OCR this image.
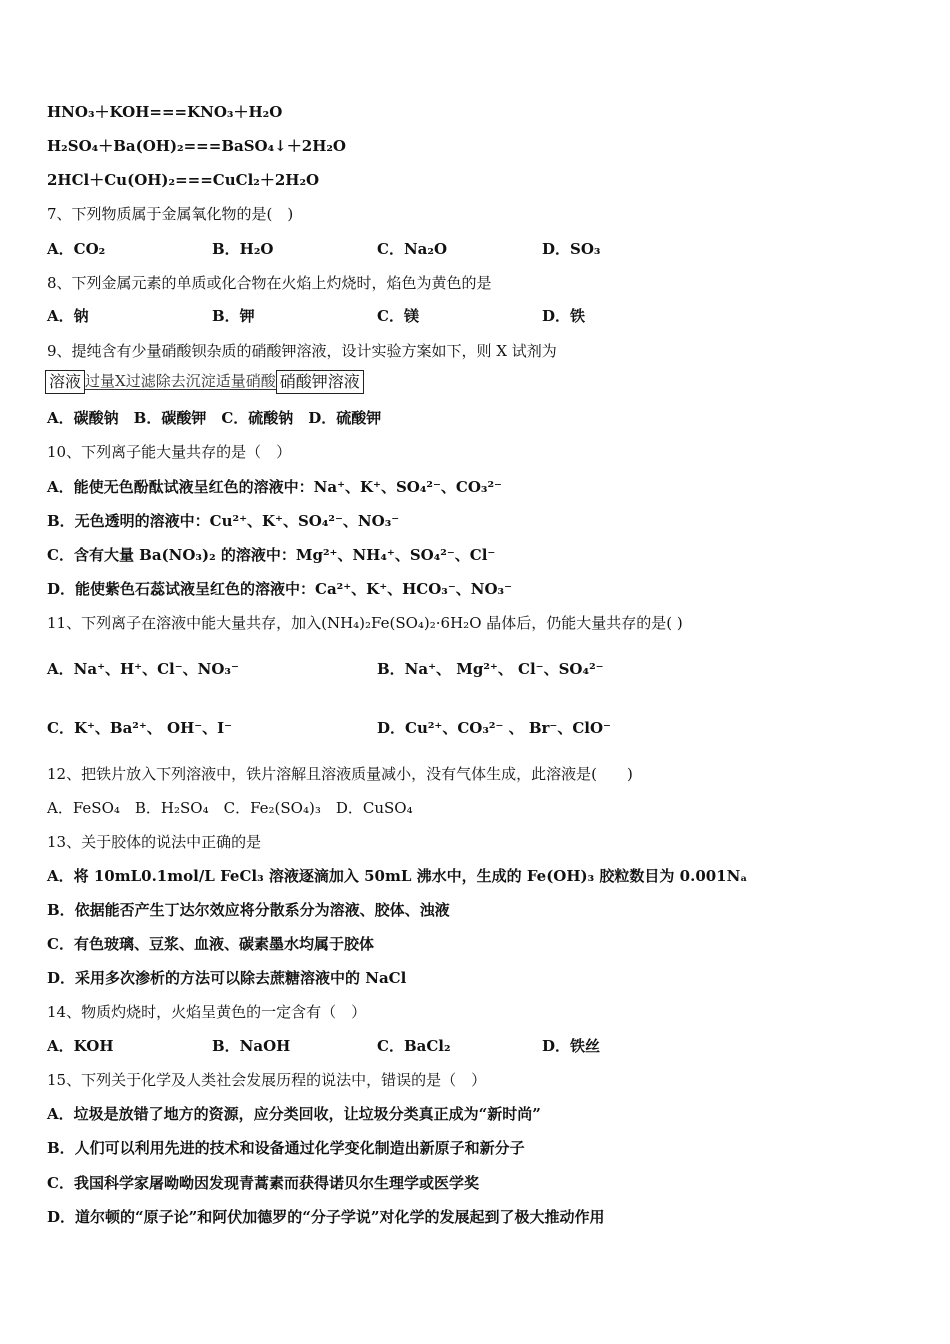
HNO₃＋KOH===KNO₃＋H₂O
H₂SO₄＋Ba(OH)₂===BaSO₄↓＋2H₂O
2HCl＋Cu(OH)₂===CuCl₂＋2H₂O
7、下列物质属于金属氧化物的是(　)
A．CO₂	B．H₂O	C．Na₂O	D．SO₃
8、下列金属元素的单质或化合物在火焰上灼烧时，焰色为黄色的是
A．钠	B．钾	C．镁	D．铁
9、提纯含有少量硝酸钡杂质的硝酸钾溶液，设计实验方案如下，则 X 试剂为
溶液 过量X过滤除去沉淀适量硝酸 硝酸钾溶液
A．碳酸钠　B．碳酸钾　C．硫酸钠　D．硫酸钾
10、下列离子能大量共存的是（　）
A．能使无色酚酞试液呈红色的溶液中：Na⁺、K⁺、SO₄²⁻、CO₃²⁻
B．无色透明的溶液中：Cu²⁺、K⁺、SO₄²⁻、NO₃⁻
C．含有大量 Ba(NO₃)₂ 的溶液中：Mg²⁺、NH₄⁺、SO₄²⁻、Cl⁻
D．能使紫色石蕊试液呈红色的溶液中：Ca²⁺、K⁺、HCO₃⁻、NO₃⁻
11、下列离子在溶液中能大量共存，加入(NH₄)₂Fe(SO₄)₂·6H₂O 晶体后，仍能大量共存的是( )
A．Na⁺、H⁺、Cl⁻、NO₃⁻	B．Na⁺、 Mg²⁺、 Cl⁻、SO₄²⁻
C．K⁺、Ba²⁺、 OH⁻、I⁻	D．Cu²⁺、CO₃²⁻ 、 Br⁻、ClO⁻
12、把铁片放入下列溶液中，铁片溶解且溶液质量减小，没有气体生成，此溶液是(　　)
A．FeSO₄　B．H₂SO₄　C．Fe₂(SO₄)₃　D．CuSO₄
13、关于胶体的说法中正确的是
A．将 10mL0.1mol/L FeCl₃ 溶液逐滴加入 50mL 沸水中，生成的 Fe(OH)₃ 胶粒数目为 0.001Nₐ
B．依据能否产生丁达尔效应将分散系分为溶液、胶体、浊液
C．有色玻璃、豆浆、血液、碳素墨水均属于胶体
D．采用多次渗析的方法可以除去蔗糖溶液中的 NaCl
14、物质灼烧时，火焰呈黄色的一定含有（　）
A．KOH	B．NaOH	C．BaCl₂	D．铁丝
15、下列关于化学及人类社会发展历程的说法中，错误的是（　）
A．垃圾是放错了地方的资源，应分类回收，让垃圾分类真正成为“新时尚”
B．人们可以利用先进的技术和设备通过化学变化制造出新原子和新分子
C．我国科学家屠呦呦因发现青蒿素而获得诺贝尔生理学或医学奖
D．道尔顿的“原子论”和阿伏加德罗的“分子学说”对化学的发展起到了极大推动作用
